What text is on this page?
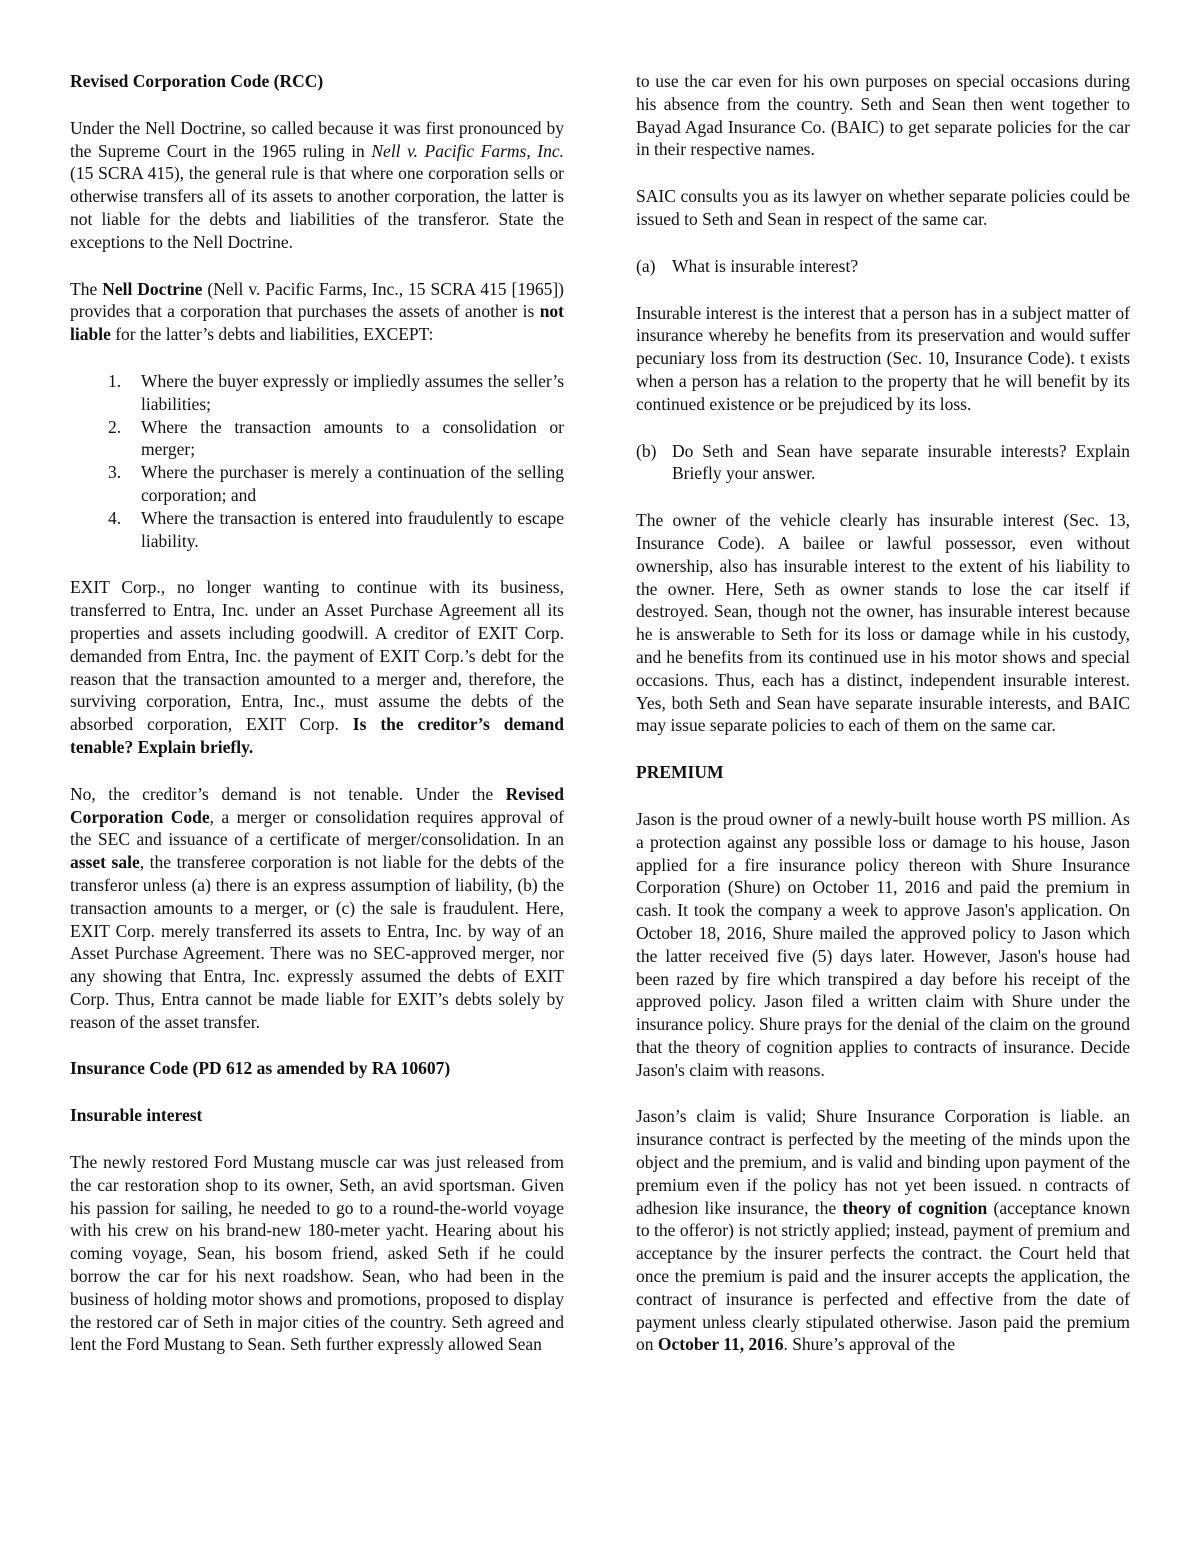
Revised Corporation Code (RCC)

Under the Nell Doctrine, so called because it was first pronounced by the Supreme Court in the 1965 ruling in Nell v. Pacific Farms, Inc. (15 SCRA 415), the general rule is that where one corporation sells or otherwise transfers all of its assets to another corporation, the latter is not liable for the debts and liabilities of the transferor. State the exceptions to the Nell Doctrine.

The Nell Doctrine (Nell v. Pacific Farms, Inc., 15 SCRA 415 [1965]) provides that a corporation that purchases the assets of another is not liable for the latter’s debts and liabilities, EXCEPT:

1. Where the buyer expressly or impliedly assumes the seller’s liabilities;
2. Where the transaction amounts to a consolidation or merger;
3. Where the purchaser is merely a continuation of the selling corporation; and
4. Where the transaction is entered into fraudulently to escape liability.

EXIT Corp., no longer wanting to continue with its business, transferred to Entra, Inc. under an Asset Purchase Agreement all its properties and assets including goodwill. A creditor of EXIT Corp. demanded from Entra, Inc. the payment of EXIT Corp.’s debt for the reason that the transaction amounted to a merger and, therefore, the surviving corporation, Entra, Inc., must assume the debts of the absorbed corporation, EXIT Corp. Is the creditor’s demand tenable? Explain briefly.

No, the creditor’s demand is not tenable. Under the Revised Corporation Code, a merger or consolidation requires approval of the SEC and issuance of a certificate of merger/consolidation. In an asset sale, the transferee corporation is not liable for the debts of the transferor unless (a) there is an express assumption of liability, (b) the transaction amounts to a merger, or (c) the sale is fraudulent. Here, EXIT Corp. merely transferred its assets to Entra, Inc. by way of an Asset Purchase Agreement. There was no SEC-approved merger, nor any showing that Entra, Inc. expressly assumed the debts of EXIT Corp. Thus, Entra cannot be made liable for EXIT’s debts solely by reason of the asset transfer.

Insurance Code (PD 612 as amended by RA 10607)

Insurable interest

The newly restored Ford Mustang muscle car was just released from the car restoration shop to its owner, Seth, an avid sportsman. Given his passion for sailing, he needed to go to a round-the-world voyage with his crew on his brand-new 180-meter yacht. Hearing about his coming voyage, Sean, his bosom friend, asked Seth if he could borrow the car for his next roadshow. Sean, who had been in the business of holding motor shows and promotions, proposed to display the restored car of Seth in major cities of the country. Seth agreed and lent the Ford Mustang to Sean. Seth further expressly allowed Sean

to use the car even for his own purposes on special occasions during his absence from the country. Seth and Sean then went together to Bayad Agad Insurance Co. (BAIC) to get separate policies for the car in their respective names.

SAIC consults you as its lawyer on whether separate policies could be issued to Seth and Sean in respect of the same car.

(a) What is insurable interest?

Insurable interest is the interest that a person has in a subject matter of insurance whereby he benefits from its preservation and would suffer pecuniary loss from its destruction (Sec. 10, Insurance Code). t exists when a person has a relation to the property that he will benefit by its continued existence or be prejudiced by its loss.

(b) Do Seth and Sean have separate insurable interests? Explain Briefly your answer.

The owner of the vehicle clearly has insurable interest (Sec. 13, Insurance Code). A bailee or lawful possessor, even without ownership, also has insurable interest to the extent of his liability to the owner. Here, Seth as owner stands to lose the car itself if destroyed. Sean, though not the owner, has insurable interest because he is answerable to Seth for its loss or damage while in his custody, and he benefits from its continued use in his motor shows and special occasions. Thus, each has a distinct, independent insurable interest. Yes, both Seth and Sean have separate insurable interests, and BAIC may issue separate policies to each of them on the same car.

PREMIUM

Jason is the proud owner of a newly-built house worth PS million. As a protection against any possible loss or damage to his house, Jason applied for a fire insurance policy thereon with Shure Insurance Corporation (Shure) on October 11, 2016 and paid the premium in cash. It took the company a week to approve Jason's application. On October 18, 2016, Shure mailed the approved policy to Jason which the latter received five (5) days later. However, Jason's house had been razed by fire which transpired a day before his receipt of the approved policy. Jason filed a written claim with Shure under the insurance policy. Shure prays for the denial of the claim on the ground that the theory of cognition applies to contracts of insurance. Decide Jason's claim with reasons.

Jason’s claim is valid; Shure Insurance Corporation is liable. an insurance contract is perfected by the meeting of the minds upon the object and the premium, and is valid and binding upon payment of the premium even if the policy has not yet been issued. n contracts of adhesion like insurance, the theory of cognition (acceptance known to the offeror) is not strictly applied; instead, payment of premium and acceptance by the insurer perfects the contract. the Court held that once the premium is paid and the insurer accepts the application, the contract of insurance is perfected and effective from the date of payment unless clearly stipulated otherwise. Jason paid the premium on October 11, 2016. Shure’s approval of the
